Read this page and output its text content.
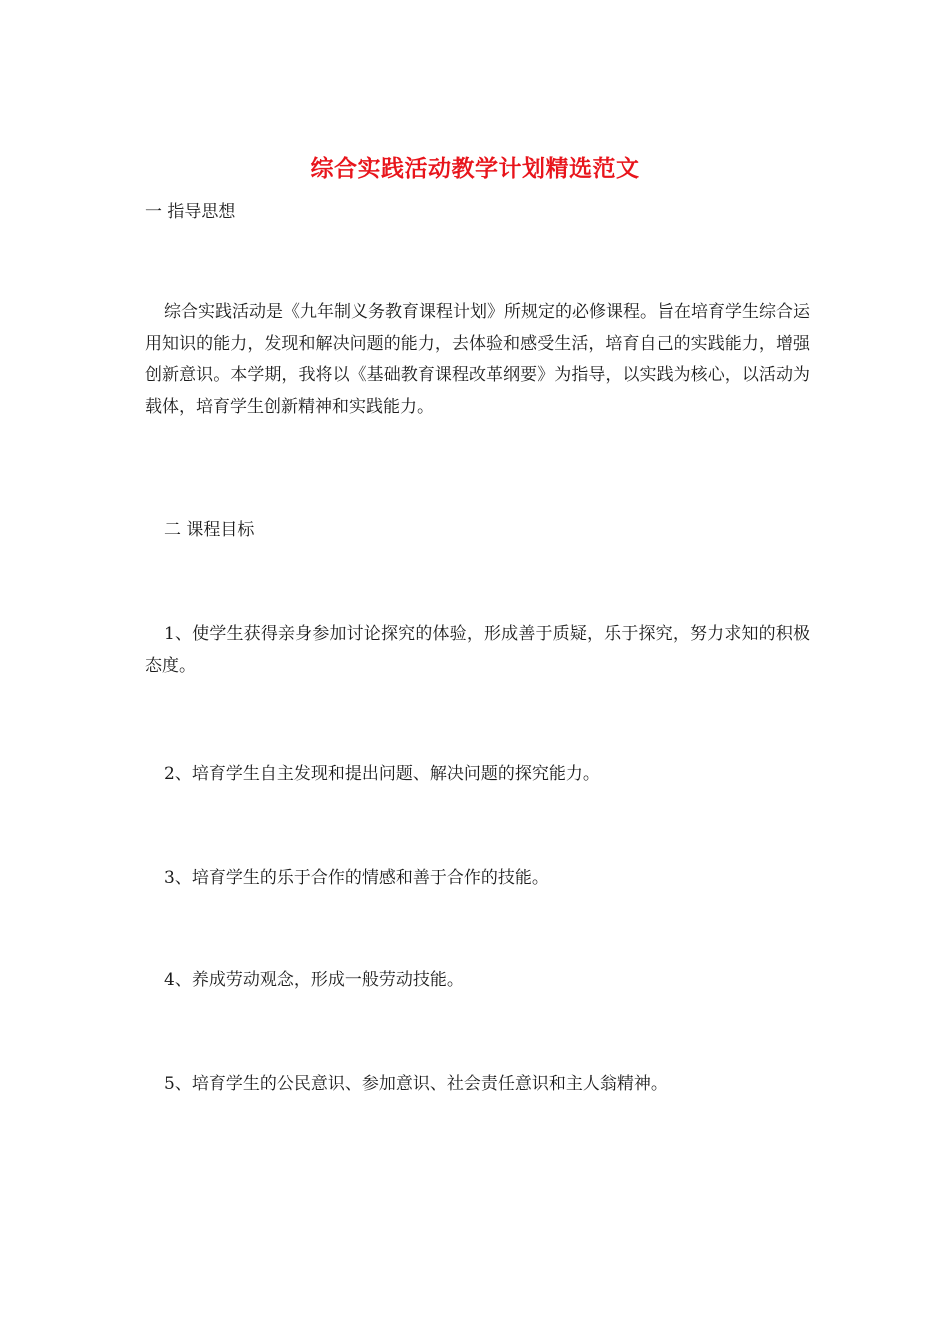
综合实践活动教学计划精选范文
一 指导思想
综合实践活动是《九年制义务教育课程计划》所规定的必修课程。旨在培育学生综合运用知识的能力，发现和解决问题的能力，去体验和感受生活，培育自己的实践能力，增强创新意识。本学期，我将以《基础教育课程改革纲要》为指导，以实践为核心，以活动为载体，培育学生创新精神和实践能力。
二 课程目标
1、使学生获得亲身参加讨论探究的体验，形成善于质疑，乐于探究，努力求知的积极态度。
2、培育学生自主发现和提出问题、解决问题的探究能力。
3、培育学生的乐于合作的情感和善于合作的技能。
4、养成劳动观念，形成一般劳动技能。
5、培育学生的公民意识、参加意识、社会责任意识和主人翁精神。
